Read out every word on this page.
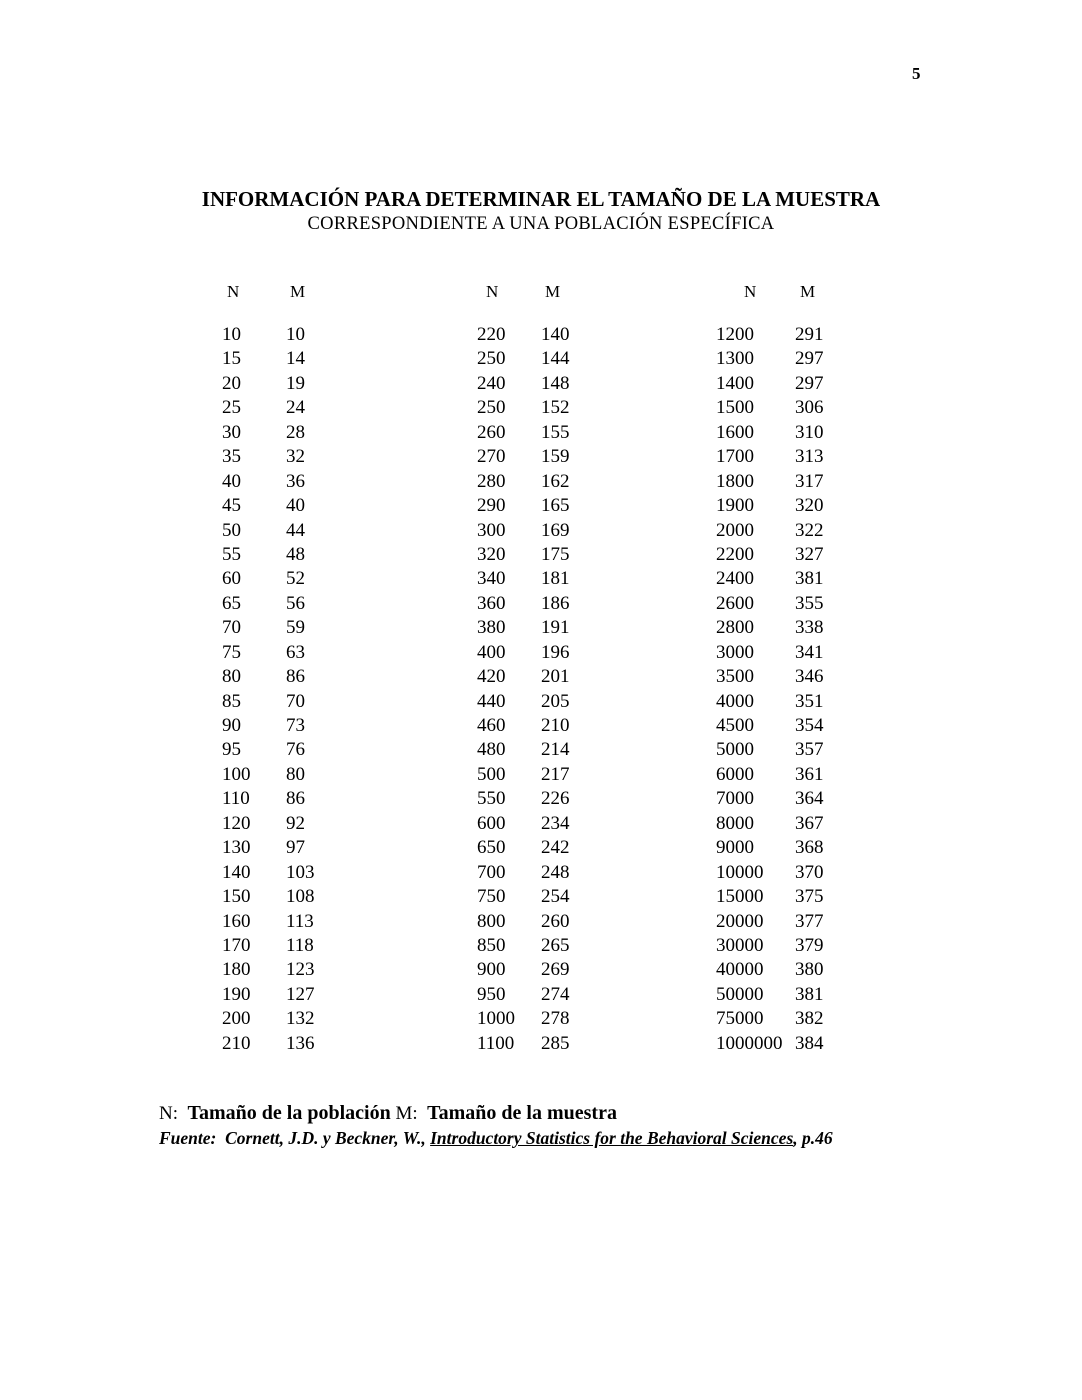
5
INFORMACIÓN PARA DETERMINAR EL TAMAÑO DE LA MUESTRA
CORRESPONDIENTE A UNA POBLACIÓN ESPECÍFICA
N	M
10 10
15 14
20 19
25 24
30 28
35 32
40 36
45 40
50 44
55 48
60 52
65 56
70 59
75 63
80 86
85 70
90 73
95 76
100 80
110 86
120 92
130 97
140 103
150 108
160 113
170 118
180 123
190 127
200 132
210 136
N	M
220 140
250 144
240 148
250 152
260 155
270 159
280 162
290 165
300 169
320 175
340 181
360 186
380 191
400 196
420 201
440 205
460 210
480 214
500 217
550 226
600 234
650 242
700 248
750 254
800 260
850 265
900 269
950 274
1000 278
1100 285
N	M
1200 291
1300 297
1400 297
1500 306
1600 310
1700 313
1800 317
1900 320
2000 322
2200 327
2400 381
2600 355
2800 338
3000 341
3500 346
4000 351
4500 354
5000 357
6000 361
7000 364
8000 367
9000 368
10000 370
15000 375
20000 377
30000 379
40000 380
50000 381
75000 382
1000000 384
N: Tamaño de la población M: Tamaño de la muestra
Fuente:  Cornett, J.D. y Beckner, W., Introductory Statistics for the Behavioral Sciences, p.46
